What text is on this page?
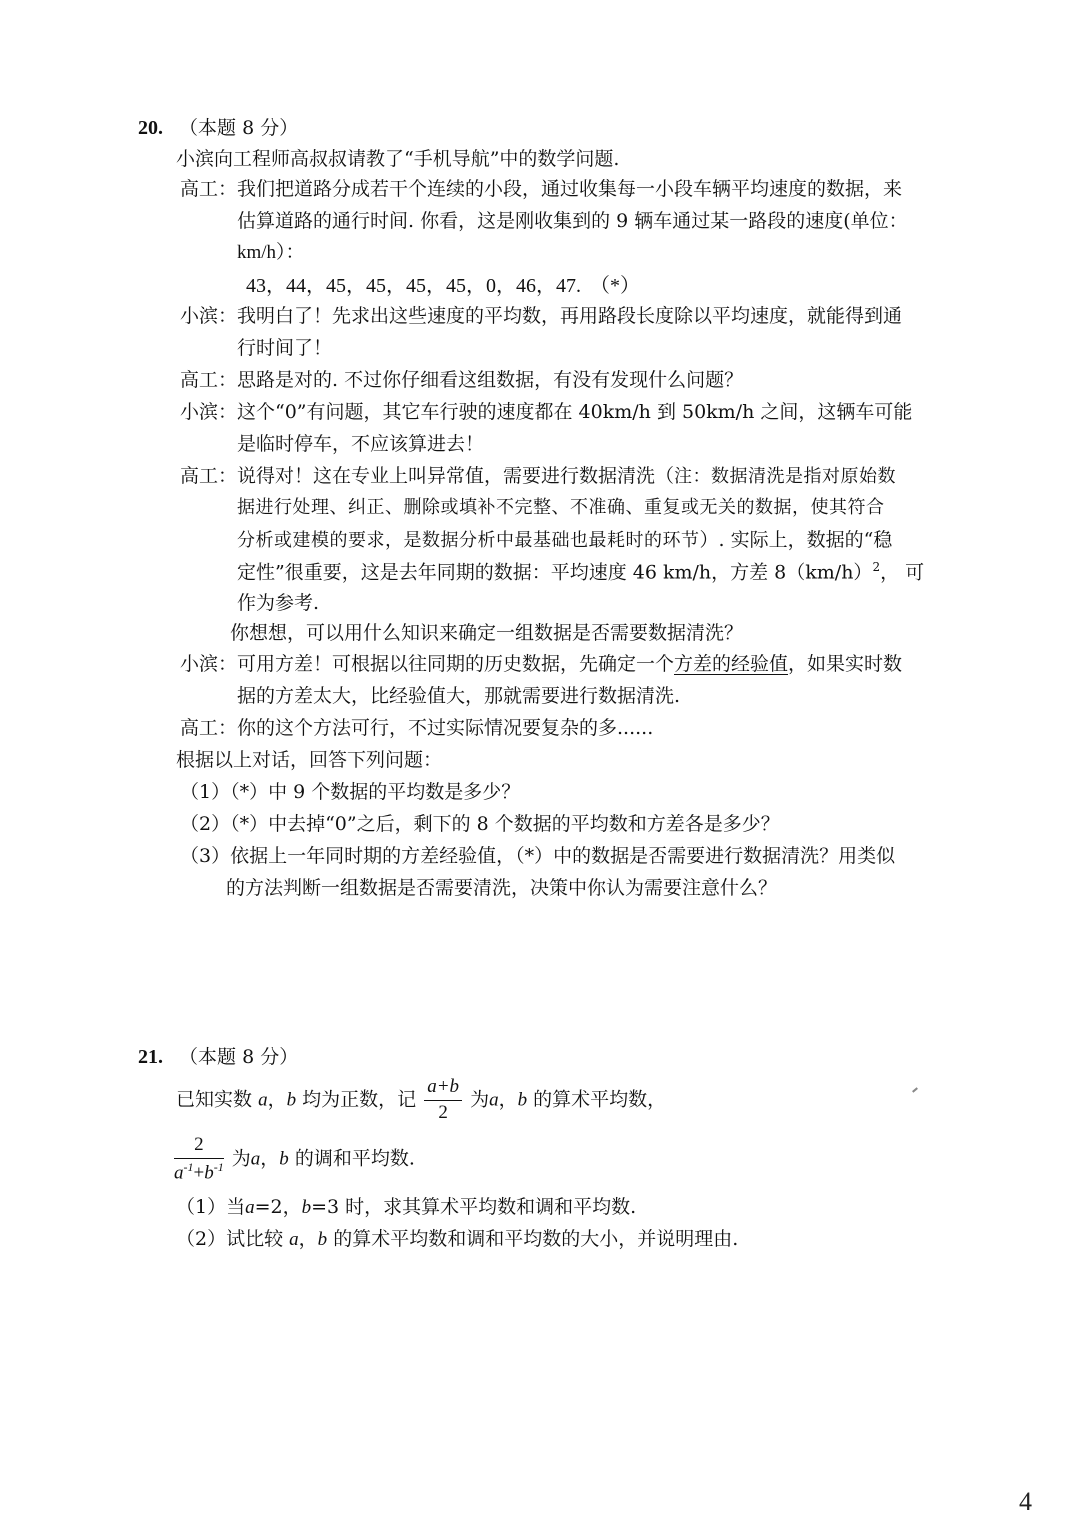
20. （本题 8 分）
小滨向工程师高叔叔请教了“手机导航”中的数学问题.
高工：我们把道路分成若干个连续的小段，通过收集每一小段车辆平均速度的数据，来
估算道路的通行时间. 你看，这是刚收集到的 9 辆车通过某一路段的速度(单位：
km/h）：
43，44，45，45，45，45，0，46，47. （*）
小滨：我明白了！先求出这些速度的平均数，再用路段长度除以平均速度，就能得到通
行时间了！
高工：思路是对的. 不过你仔细看这组数据，有没有发现什么问题？
小滨：这个“0”有问题，其它车行驶的速度都在 40km/h 到 50km/h 之间，这辆车可能
是临时停车，不应该算进去！
高工：说得对！这在专业上叫异常值，需要进行数据清洗（注：数据清洗是指对原始数
据进行处理、纠正、删除或填补不完整、不准确、重复或无关的数据，使其符合
分析或建模的要求，是数据分析中最基础也最耗时的环节）. 实际上，数据的“稳
定性”很重要，这是去年同期的数据：平均速度 46 km/h，方差 $8(km/h)^2$， 可
作为参考.
你想想，可以用什么知识来确定一组数据是否需要数据清洗？
小滨：可用方差！可根据以往同期的历史数据，先确定一个方差的经验值，如果实时数
据的方差太大，比经验值大，那就需要进行数据清洗.
高工：你的这个方法可行，不过实际情况要复杂的多......
根据以上对话，回答下列问题：
（1）（*）中 9 个数据的平均数是多少？
（2）（*）中去掉“0”之后，剩下的 8 个数据的平均数和方差各是多少？
（3）依据上一年同时期的方差经验值，（*）中的数据是否需要进行数据清洗？用类似
的方法判断一组数据是否需要清洗，决策中你认为需要注意什么？
21. （本题 8 分）
已知实数 a，b 均为正数，记 $\frac{a+b}{2}$ 为a，b 的算术平均数，
$\frac{2}{a^{-1}+b^{-1}}$ 为a，b 的调和平均数.
（1）当a=2，b=3 时，求其算术平均数和调和平均数.
（2）试比较 a，b 的算术平均数和调和平均数的大小，并说明理由.
4
